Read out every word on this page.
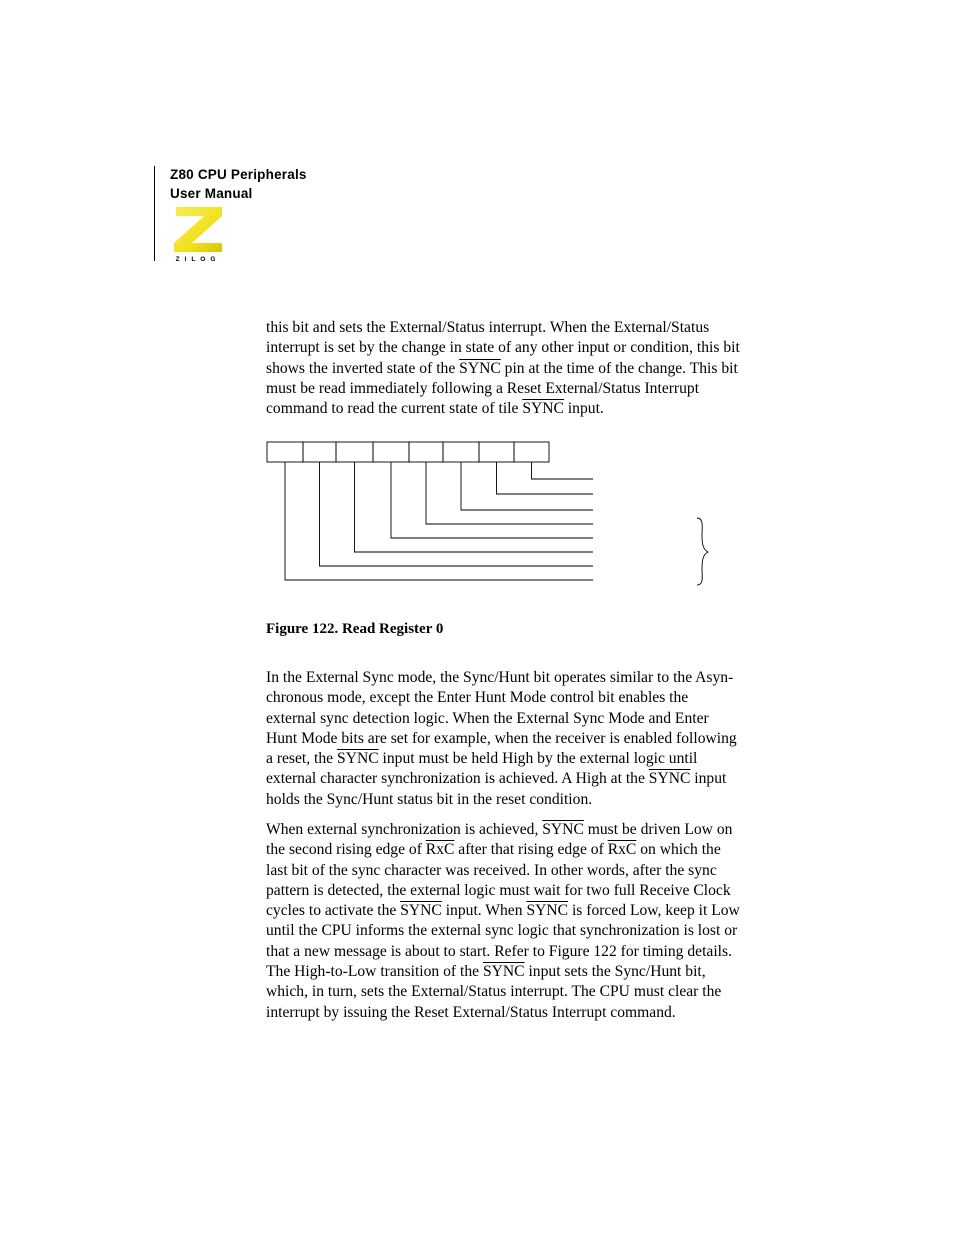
Z80 CPU Peripherals
User Manual
ZILOG

this bit and sets the External/Status interrupt. When the External/Status

interrupt is set by the change in state of any other input or condition, this bit

shows the inverted state of the SYNC pin at the time of the change. This bit

must be read immediately following a Reset External/Status Interrupt

command to read the current state of tile SYNC input.

Figure 122. Read Register 0

In the External Sync mode, the Sync/Hunt bit operates similar to the Asyn-

chronous mode, except the Enter Hunt Mode control bit enables the

external sync detection logic. When the External Sync Mode and Enter

Hunt Mode bits are set for example, when the receiver is enabled following

a reset, the SYNC input must be held High by the external logic until

external character synchronization is achieved. A High at the SYNC input

holds the Sync/Hunt status bit in the reset condition.

When external synchronization is achieved, SYNC must be driven Low on

the second rising edge of $\overline{RxC}$ after that rising edge of $\overline{RxC}$ on which the

last bit of the sync character was received. In other words, after the sync

pattern is detected, the external logic must wait for two full Receive Clock

cycles to activate the SYNC input. When SYNC is forced Low, keep it Low

until the CPU informs the external sync logic that synchronization is lost or

that a new message is about to start. Refer to Figure 122 for timing details.

The High-to-Low transition of the SYNC input sets the Sync/Hunt bit,

which, in turn, sets the External/Status interrupt. The CPU must clear the

interrupt by issuing the Reset External/Status Interrupt command.
